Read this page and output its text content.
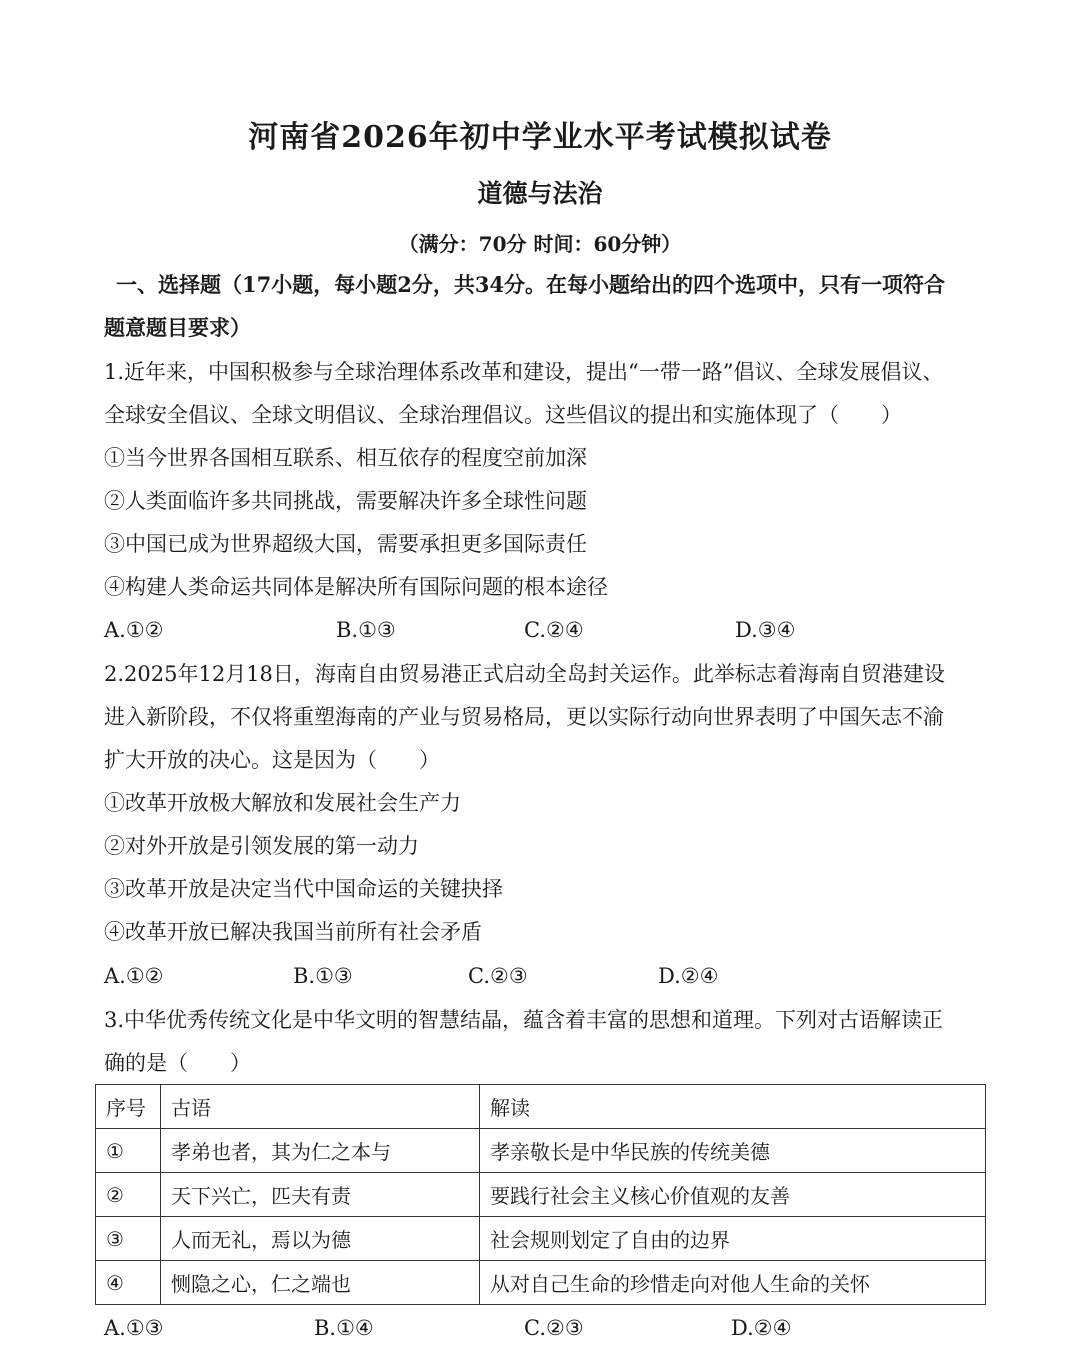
河南省2026年初中学业水平考试模拟试卷
道德与法治
（满分：70分 时间：60分钟）
一、选择题（17小题，每小题2分，共34分。在每小题给出的四个选项中，只有一项符合
题意题目要求）
1.近年来，中国积极参与全球治理体系改革和建设，提出“一带一路”倡议、全球发展倡议、
全球安全倡议、全球文明倡议、全球治理倡议。这些倡议的提出和实施体现了（　　）
①当今世界各国相互联系、相互依存的程度空前加深
②人类面临许多共同挑战，需要解决许多全球性问题
③中国已成为世界超级大国，需要承担更多国际责任
④构建人类命运共同体是解决所有国际问题的根本途径
A.①②	B.①③	C.②④	D.③④
2.2025年12月18日，海南自由贸易港正式启动全岛封关运作。此举标志着海南自贸港建设
进入新阶段，不仅将重塑海南的产业与贸易格局，更以实际行动向世界表明了中国矢志不渝
扩大开放的决心。这是因为（　　）
①改革开放极大解放和发展社会生产力
②对外开放是引领发展的第一动力
③改革开放是决定当代中国命运的关键抉择
④改革开放已解决我国当前所有社会矛盾
A.①②	B.①③	C.②③	D.②④
3.中华优秀传统文化是中华文明的智慧结晶，蕴含着丰富的思想和道理。下列对古语解读正
确的是（　　）
序号	古语	解读
①	孝弟也者，其为仁之本与	孝亲敬长是中华民族的传统美德
②	天下兴亡，匹夫有责	要践行社会主义核心价值观的友善
③	人而无礼，焉以为德	社会规则划定了自由的边界
④	恻隐之心，仁之端也	从对自己生命的珍惜走向对他人生命的关怀
A.①③	B.①④	C.②③	D.②④
